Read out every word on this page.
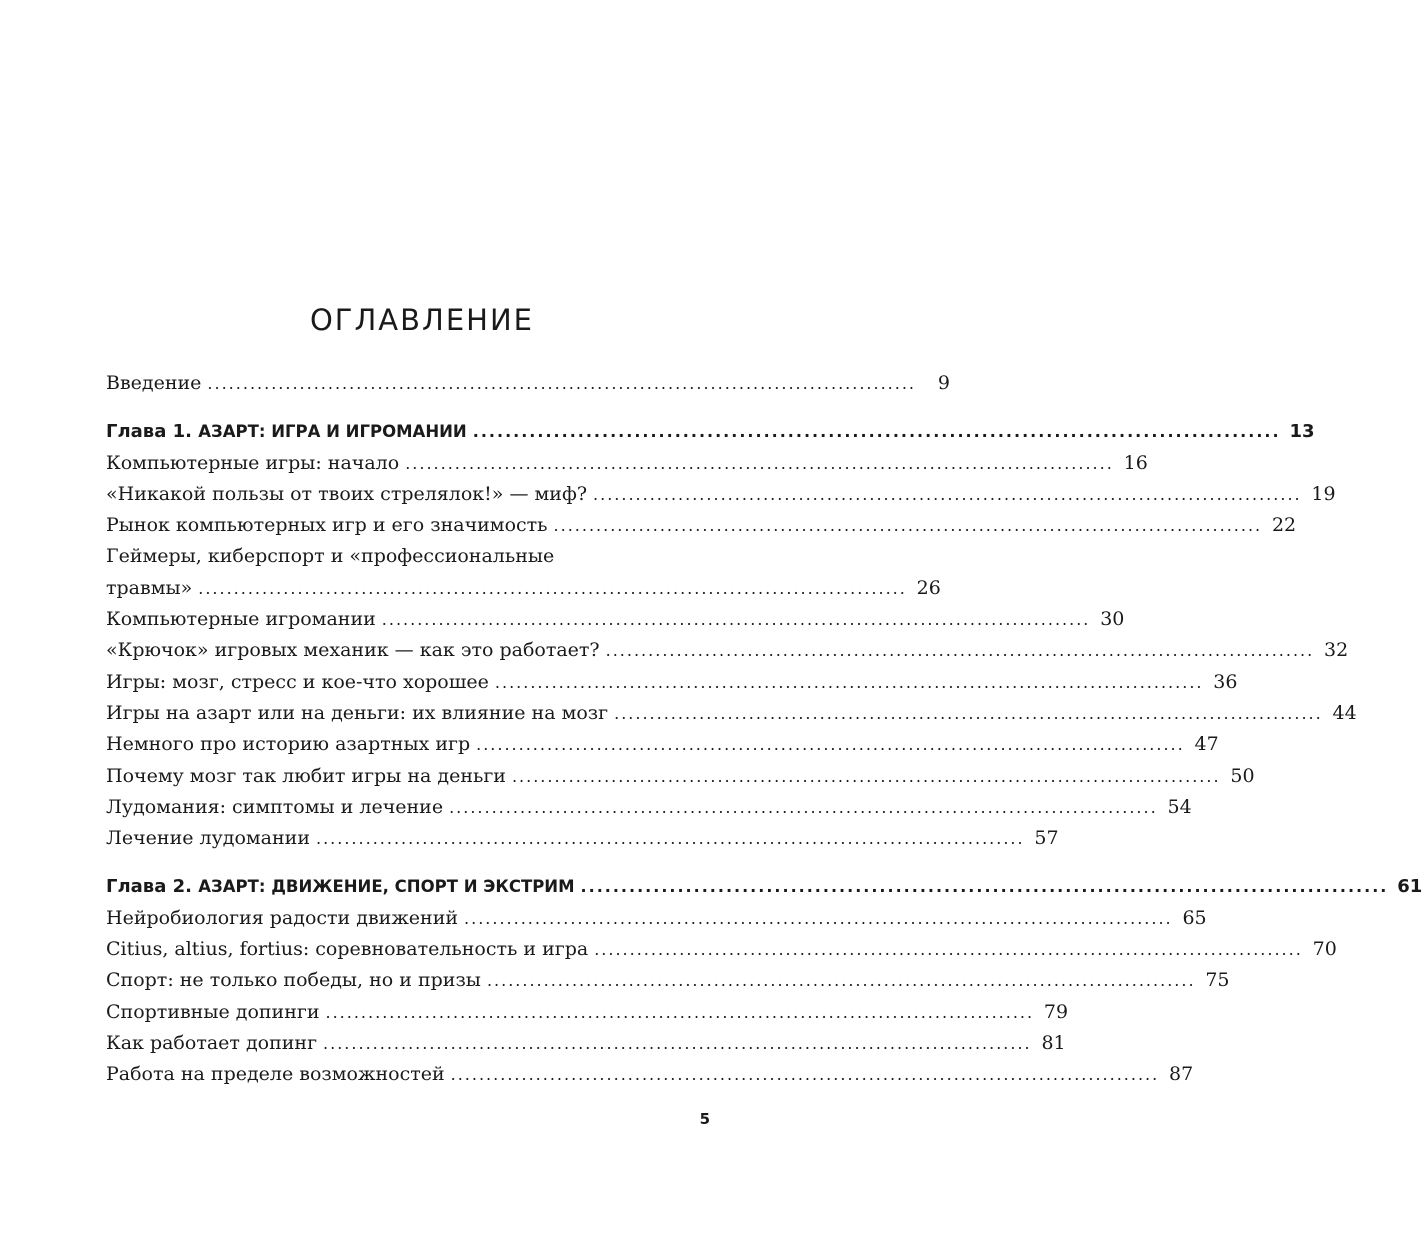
ОГЛАВЛЕНИЕ
Введение ....................................................................................................	9
Глава 1. АЗАРТ: ИГРА И ИГРОМАНИИ .................................................................................................... 13
Компьютерные игры: начало .................................................................................................... 16
«Никакой пользы от твоих стрелялок!» — миф? .................................................................................................... 19
Рынок компьютерных игр и его значимость .................................................................................................... 22
Геймеры, киберспорт и «профессиональные
травмы» .................................................................................................... 26
Компьютерные игромании .................................................................................................... 30
«Крючок» игровых механик — как это работает? .................................................................................................... 32
Игры: мозг, стресс и кое-что хорошее .................................................................................................... 36
Игры на азарт или на деньги: их влияние на мозг .................................................................................................... 44
Немного про историю азартных игр .................................................................................................... 47
Почему мозг так любит игры на деньги .................................................................................................... 50
Лудомания: симптомы и лечение .................................................................................................... 54
Лечение лудомании .................................................................................................... 57
Глава 2. АЗАРТ: ДВИЖЕНИЕ, СПОРТ И ЭКСТРИМ .................................................................................................... 61
Нейробиология радости движений .................................................................................................... 65
Citius, altius, fortius: соревновательность и игра .................................................................................................... 70
Спорт: не только победы, но и призы .................................................................................................... 75
Спортивные допинги .................................................................................................... 79
Как работает допинг .................................................................................................... 81
Работа на пределе возможностей .................................................................................................... 87
5
